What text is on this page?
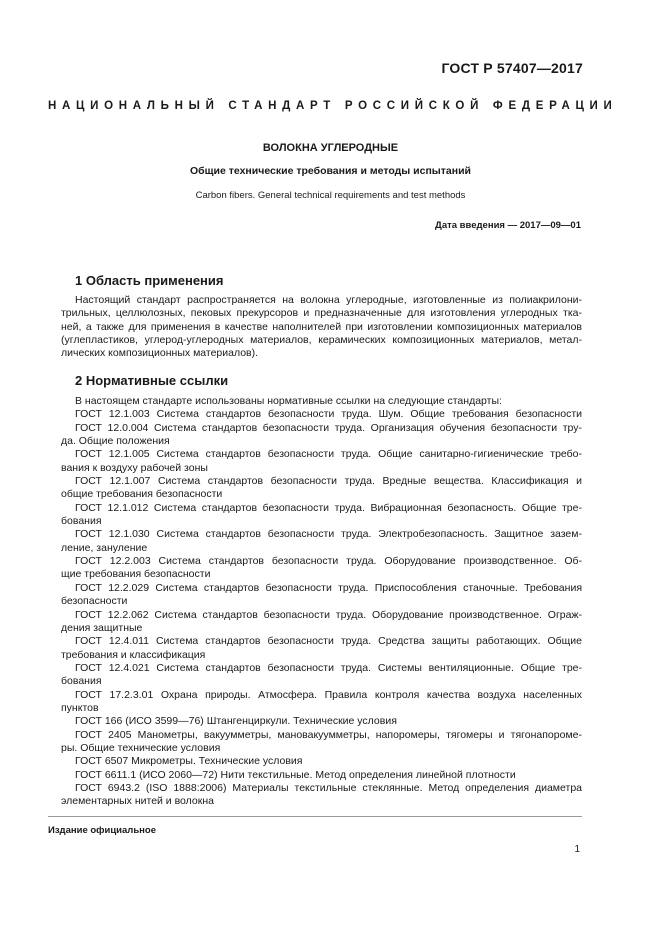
ГОСТ Р 57407—2017
НАЦИОНАЛЬНЫЙ СТАНДАРТ РОССИЙСКОЙ ФЕДЕРАЦИИ
ВОЛОКНА УГЛЕРОДНЫЕ
Общие технические требования и методы испытаний
Carbon fibers. General technical requirements and test methods
Дата введения — 2017—09—01
1 Область применения
Настоящий стандарт распространяется на волокна углеродные, изготовленные из полиакрилони-
трильных, целлюлозных, пековых прекурсоров и предназначенные для изготовления углеродных тка-
ней, а также для применения в качестве наполнителей при изготовлении композиционных материалов
(углепластиков, углерод-углеродных материалов, керамических композиционных материалов, метал-
лических композиционных материалов).
2 Нормативные ссылки
В настоящем стандарте использованы нормативные ссылки на следующие стандарты:
ГОСТ 12.1.003 Система стандартов безопасности труда. Шум. Общие требования безопасности
ГОСТ 12.0.004 Система стандартов безопасности труда. Организация обучения безопасности тру-
да. Общие положения
ГОСТ 12.1.005 Система стандартов безопасности труда. Общие санитарно-гигиенические требо-
вания к воздуху рабочей зоны
ГОСТ 12.1.007 Система стандартов безопасности труда. Вредные вещества. Классификация и
общие требования безопасности
ГОСТ 12.1.012 Система стандартов безопасности труда. Вибрационная безопасность. Общие тре-
бования
ГОСТ 12.1.030 Система стандартов безопасности труда. Электробезопасность. Защитное зазем-
ление, зануление
ГОСТ 12.2.003 Система стандартов безопасности труда. Оборудование производственное. Об-
щие требования безопасности
ГОСТ 12.2.029 Система стандартов безопасности труда. Приспособления станочные. Требования
безопасности
ГОСТ 12.2.062 Система стандартов безопасности труда. Оборудование производственное. Ограж-
дения защитные
ГОСТ 12.4.011 Система стандартов безопасности труда. Средства защиты работающих. Общие
требования и классификация
ГОСТ 12.4.021 Система стандартов безопасности труда. Системы вентиляционные. Общие тре-
бования
ГОСТ 17.2.3.01 Охрана природы. Атмосфера. Правила контроля качества воздуха населенных
пунктов
ГОСТ 166 (ИСО 3599—76) Штангенциркули. Технические условия
ГОСТ 2405 Манометры, вакуумметры, мановакуумметры, напоромеры, тягомеры и тягонапороме-
ры. Общие технические условия
ГОСТ 6507 Микрометры. Технические условия
ГОСТ 6611.1 (ИСО 2060—72) Нити текстильные. Метод определения линейной плотности
ГОСТ 6943.2 (ISO 1888:2006) Материалы текстильные стеклянные. Метод определения диаметра
элементарных нитей и волокна
Издание официальное
1
